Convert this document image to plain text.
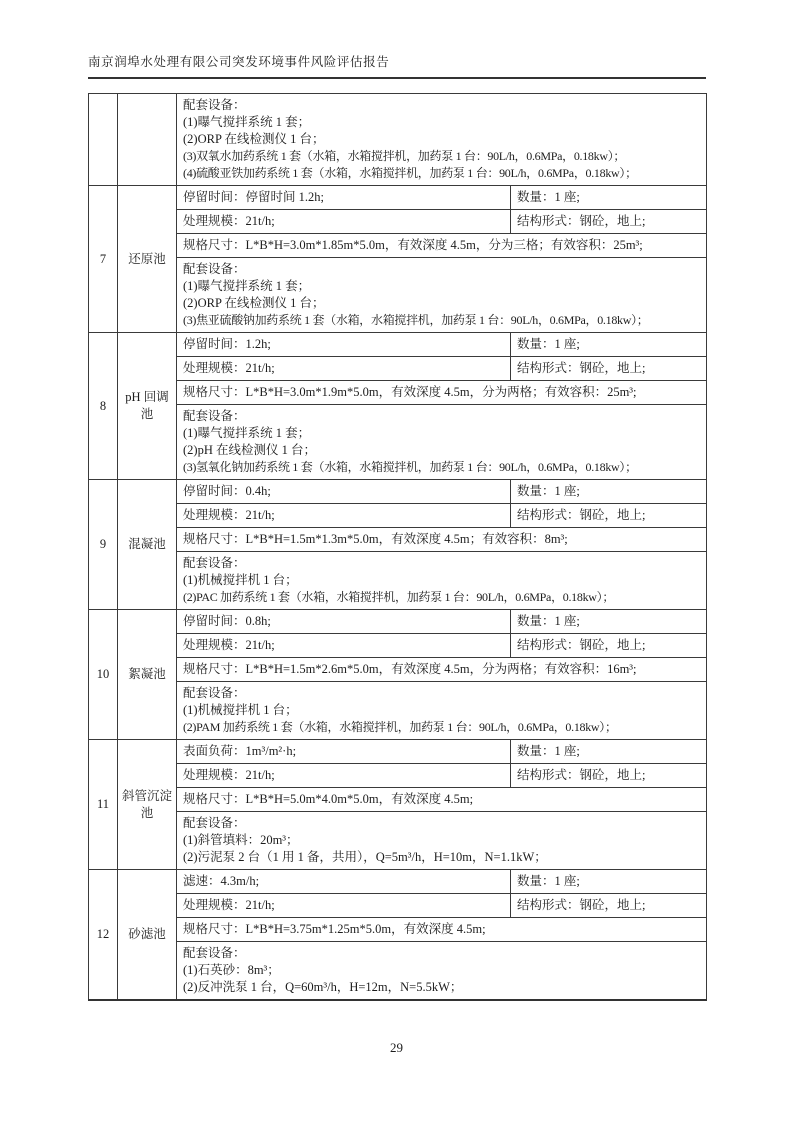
南京润埠水处理有限公司突发环境事件风险评估报告

		配套设备：
(1)曝气搅拌系统 1 套；
(2)ORP 在线检测仪 1 台；
(3)双氧水加药系统 1 套（水箱，水箱搅拌机，加药泵 1 台：90L/h，0.6MPa，0.18kw）；
(4)硫酸亚铁加药系统 1 套（水箱，水箱搅拌机，加药泵 1 台：90L/h，0.6MPa，0.18kw）；	

7	还原池	停留时间：停留时间 1.2h;	数量：1 座;
		处理规模：21t/h;	结构形式：钢砼，地上;
		规格尺寸：L*B*H=3.0m*1.85m*5.0m，有效深度 4.5m，分为三格；有效容积：25m³;	

		配套设备：
(1)曝气搅拌系统 1 套；
(2)ORP 在线检测仪 1 台；
(3)焦亚硫酸钠加药系统 1 套（水箱，水箱搅拌机，加药泵 1 台：90L/h，0.6MPa，0.18kw）；	

8	pH 回调池	停留时间：1.2h;	数量：1 座;
		处理规模：21t/h;	结构形式：钢砼，地上;
		规格尺寸：L*B*H=3.0m*1.9m*5.0m，有效深度 4.5m，分为两格；有效容积：25m³;	

		配套设备：
(1)曝气搅拌系统 1 套；
(2)pH 在线检测仪 1 台；
(3)氢氧化钠加药系统 1 套（水箱，水箱搅拌机，加药泵 1 台：90L/h，0.6MPa，0.18kw）；	

9	混凝池	停留时间：0.4h;	数量：1 座;
		处理规模：21t/h;	结构形式：钢砼，地上;
		规格尺寸：L*B*H=1.5m*1.3m*5.0m，有效深度 4.5m；有效容积：8m³;	

		配套设备：
(1)机械搅拌机 1 台；
(2)PAC 加药系统 1 套（水箱，水箱搅拌机，加药泵 1 台：90L/h，0.6MPa，0.18kw）；	

10	絮凝池	停留时间：0.8h;	数量：1 座;
		处理规模：21t/h;	结构形式：钢砼，地上;
		规格尺寸：L*B*H=1.5m*2.6m*5.0m，有效深度 4.5m，分为两格；有效容积：16m³;	

		配套设备：
(1)机械搅拌机 1 台；
(2)PAM 加药系统 1 套（水箱，水箱搅拌机，加药泵 1 台：90L/h，0.6MPa，0.18kw）；	

11	斜管沉淀池	表面负荷：1m³/m²·h;	数量：1 座;
		处理规模：21t/h;	结构形式：钢砼，地上;
		规格尺寸：L*B*H=5.0m*4.0m*5.0m，有效深度 4.5m;	

		配套设备：
(1)斜管填料：20m³；
(2)污泥泵 2 台（1 用 1 备，共用），Q=5m³/h，H=10m，N=1.1kW；	

12	砂滤池	滤速：4.3m/h;	数量：1 座;
		处理规模：21t/h;	结构形式：钢砼，地上;
		规格尺寸：L*B*H=3.75m*1.25m*5.0m，有效深度 4.5m;	

		配套设备：
(1)石英砂：8m³；
(2)反冲洗泵 1 台，Q=60m³/h，H=12m，N=5.5kW；	
29
